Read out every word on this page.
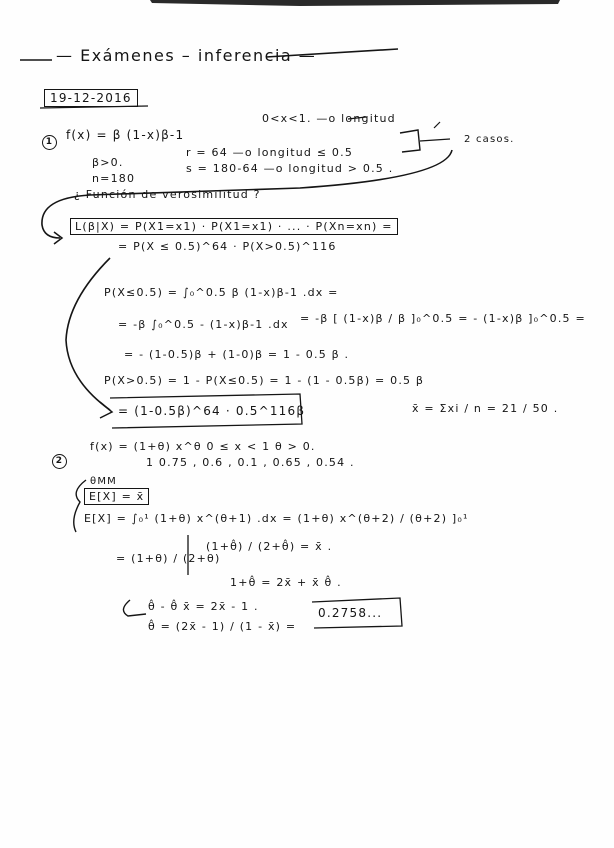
— Exámenes – inferencia —
19-12-2016
1	f(x) = β (1-x)β-1
0<x<1. —o longitud
β>0.
n=180
r = 64 —o longitud ≤ 0.5
s = 180-64 —o longitud > 0.5 .
2 casos.
¿ Función de verosimilitud ?
L(β|X) = P(X1=x1) · P(X1=x1) · ... · P(Xn=xn) =
= P(X ≤ 0.5)^64 · P(X>0.5)^116
P(X≤0.5) = ∫₀^0.5 β (1-x)β-1 .dx =
= -β [ (1-x)β / β ]₀^0.5 = - (1-x)β ]₀^0.5 =
= -β ∫₀^0.5 - (1-x)β-1 .dx
= - (1-0.5)β + (1-0)β = 1 - 0.5 β .
P(X>0.5) = 1 - P(X≤0.5) = 1 - (1 - 0.5β) = 0.5 β
= (1-0.5β)^64 · 0.5^116β	x̄ = Σxi / n = 21 / 50 .
2
f(x) = (1+θ) x^θ 0 ≤ x < 1 θ > 0.
1 0.75 , 0.6 , 0.1 , 0.65 , 0.54 .
θMM
E[X] = x̄
E[X] = ∫₀¹ (1+θ) x^(θ+1) .dx = (1+θ) x^(θ+2) / (θ+2) ]₀¹
= (1+θ) / (2+θ)
(1+θ̂) / (2+θ̂) = x̄ .
1+θ̂ = 2x̄ + x̄ θ̂ .
θ̂ - θ̂ x̄ = 2x̄ - 1 .
θ̂ = (2x̄ - 1) / (1 - x̄) =
0.2758...
